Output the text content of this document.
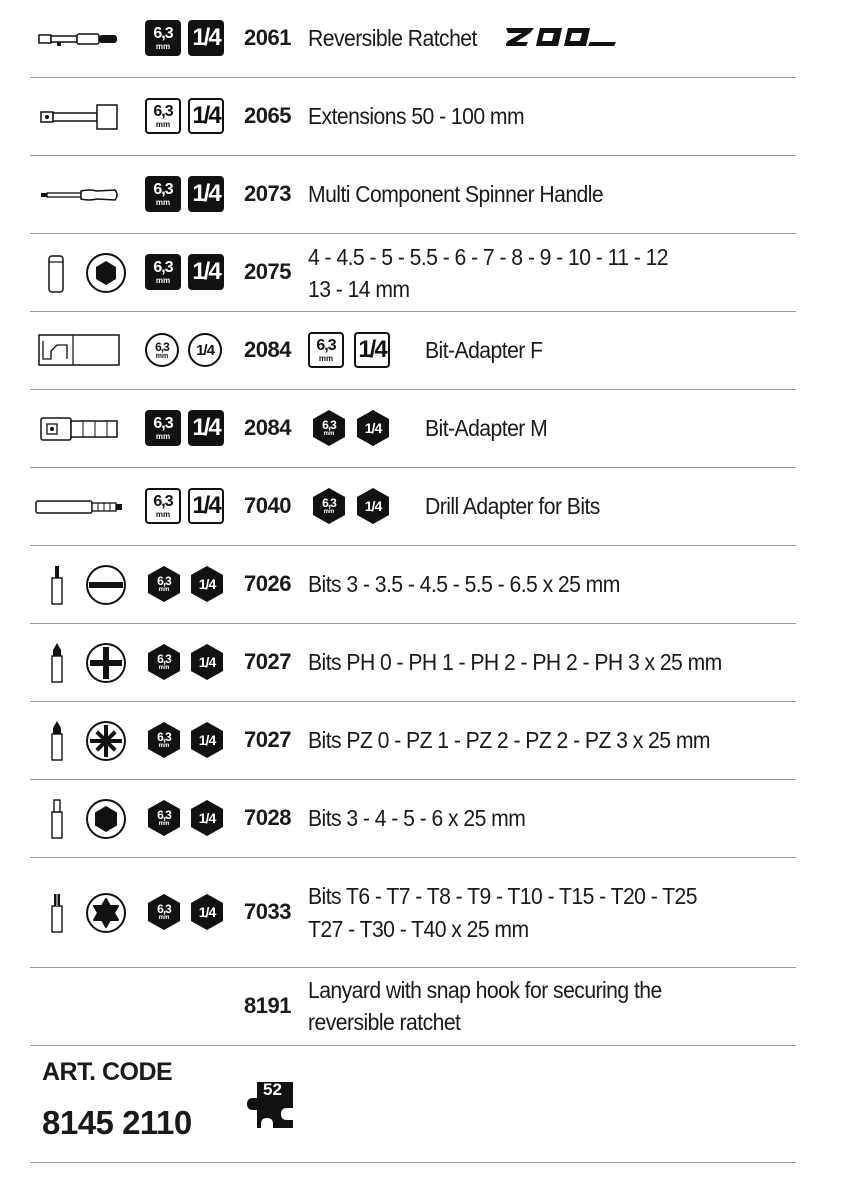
6,3
mm 1/4 2061 Reversible Ratchet
6,3
mm 1/4 2065 Extensions 50 - 100 mm
6,3
mm 1/4 2073 Multi Component Spinner Handle
6,3
mm 1/4 2075
4 - 4.5 - 5 - 5.5 - 6 - 7 - 8 - 9 - 10 - 11 - 12
13 - 14 mm
6,3
mm 1/4 2084 6,3
mm 1/4 Bit-Adapter F
6,3
mm 1/4 2084	6,3
mm 1/4 Bit-Adapter M
6,3
mm 1/4 7040	6,3
mm 1/4 Drill Adapter for Bits
6,3
mm 1/4 7026 Bits 3 - 3.5 - 4.5 - 5.5 - 6.5 x 25 mm
6,3
mm 1/4 7027 Bits PH 0 - PH 1 - PH 2 - PH 2 - PH 3 x 25 mm
6,3
mm 1/4 7027 Bits PZ 0 - PZ 1 - PZ 2 - PZ 2 - PZ 3 x 25 mm
6,3
mm 1/4 7028 Bits 3 - 4 - 5 - 6 x 25 mm
6,3
mm 1/4 7033
Bits T6 - T7 - T8 - T9 - T10 - T15 - T20 - T25
T27 - T30 - T40 x 25 mm
8191
Lanyard with snap hook for securing the
reversible ratchet
ART. CODE
8145 2110
52
